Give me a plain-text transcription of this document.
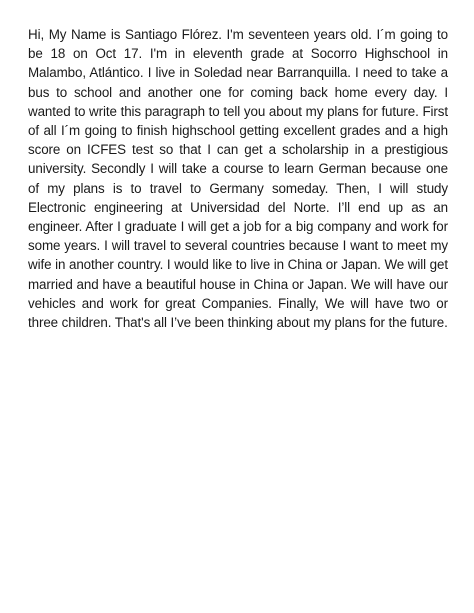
Hi, My Name is Santiago Flórez. I'm seventeen years old. I´m going to be 18 on Oct 17. I'm in eleventh grade at Socorro Highschool in Malambo, Atlántico. I live in Soledad near Barranquilla. I need to take a bus to school and another one for coming back home every day. I wanted to write this paragraph to tell you about my plans for future. First of all I´m going to finish highschool getting excellent grades and a high score on ICFES test so that I can get a scholarship in a prestigious university. Secondly I will take a course to learn German because one of my plans is to travel to Germany someday. Then, I will study Electronic engineering at Universidad del Norte. I’ll end up as an engineer. After I graduate I will get a job for a big company and work for some years. I will travel to several countries because I want to meet my wife in another country. I would like to live in China or Japan. We will get married and have a beautiful house in China or Japan. We will have our vehicles and work for great Companies. Finally, We will have two or three children. That's all I’ve been thinking about my plans for the future.
